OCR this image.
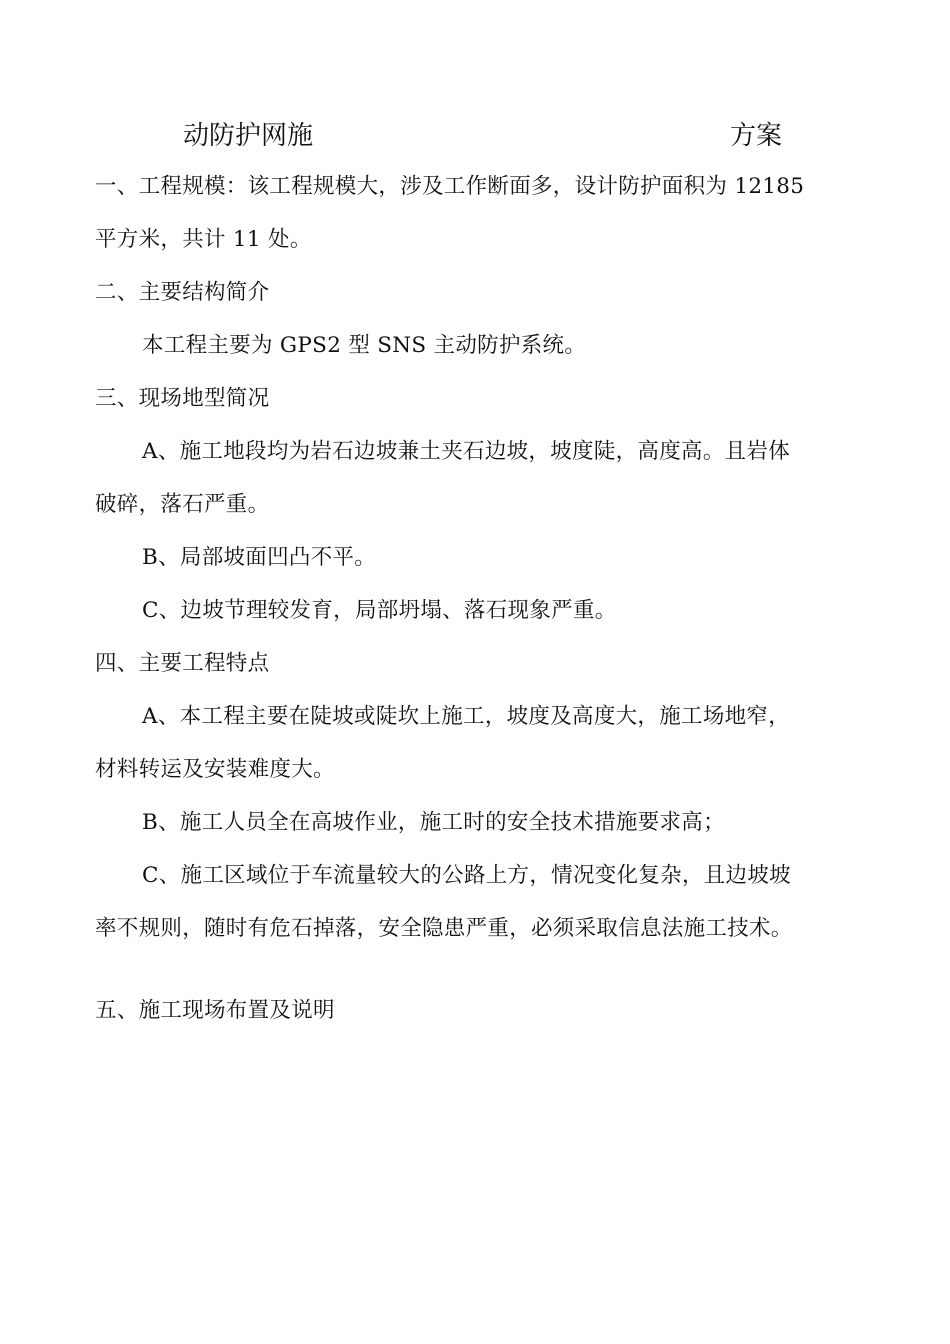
动防护网施	方案
一、工程规模：该工程规模大，涉及工作断面多，设计防护面积为 12185
平方米，共计 11 处。
二、主要结构简介
本工程主要为 GPS2 型 SNS 主动防护系统。
三、现场地型简况
A、施工地段均为岩石边坡兼土夹石边坡，坡度陡，高度高。且岩体
破碎，落石严重。
B、局部坡面凹凸不平。
C、边坡节理较发育，局部坍塌、落石现象严重。
四、主要工程特点
A、本工程主要在陡坡或陡坎上施工，坡度及高度大，施工场地窄，
材料转运及安装难度大。
B、施工人员全在高坡作业，施工时的安全技术措施要求高；
C、施工区域位于车流量较大的公路上方，情况变化复杂，且边坡坡
率不规则，随时有危石掉落，安全隐患严重，必须采取信息法施工技术。
五、施工现场布置及说明
